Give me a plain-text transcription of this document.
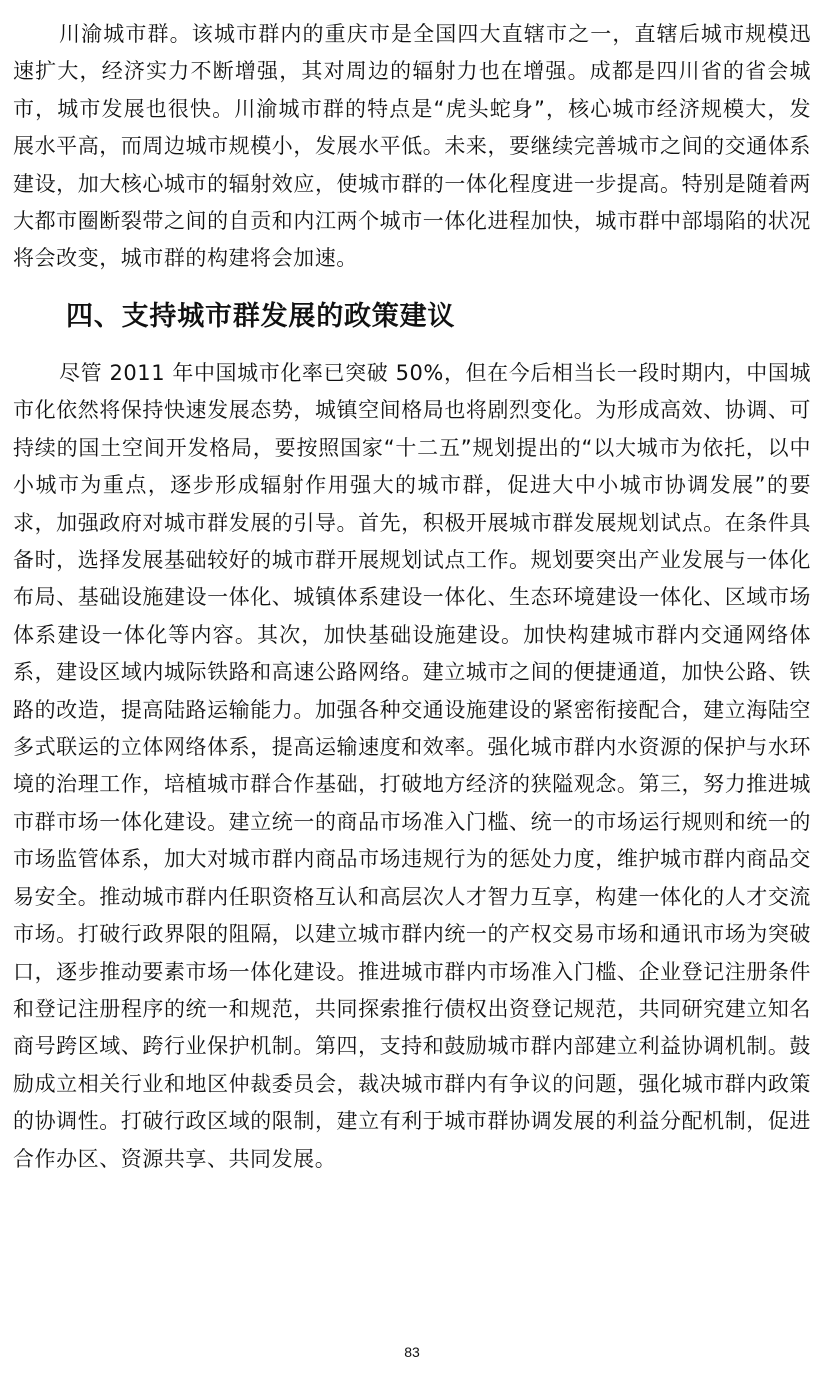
川渝城市群。该城市群内的重庆市是全国四大直辖市之一，直辖后城市规模迅速扩大，经济实力不断增强，其对周边的辐射力也在增强。成都是四川省的省会城市，城市发展也很快。川渝城市群的特点是“虎头蛇身”，核心城市经济规模大，发展水平高，而周边城市规模小，发展水平低。未来，要继续完善城市之间的交通体系建设，加大核心城市的辐射效应，使城市群的一体化程度进一步提高。特别是随着两大都市圈断裂带之间的自贡和内江两个城市一体化进程加快，城市群中部塌陷的状况将会改变，城市群的构建将会加速。

四、支持城市群发展的政策建议

尽管 2011 年中国城市化率已突破 50%，但在今后相当长一段时期内，中国城市化依然将保持快速发展态势，城镇空间格局也将剧烈变化。为形成高效、协调、可持续的国土空间开发格局，要按照国家“十二五”规划提出的“以大城市为依托，以中小城市为重点，逐步形成辐射作用强大的城市群，促进大中小城市协调发展”的要求，加强政府对城市群发展的引导。首先，积极开展城市群发展规划试点。在条件具备时，选择发展基础较好的城市群开展规划试点工作。规划要突出产业发展与一体化布局、基础设施建设一体化、城镇体系建设一体化、生态环境建设一体化、区域市场体系建设一体化等内容。其次，加快基础设施建设。加快构建城市群内交通网络体系，建设区域内城际铁路和高速公路网络。建立城市之间的便捷通道，加快公路、铁路的改造，提高陆路运输能力。加强各种交通设施建设的紧密衔接配合，建立海陆空多式联运的立体网络体系，提高运输速度和效率。强化城市群内水资源的保护与水环境的治理工作，培植城市群合作基础，打破地方经济的狭隘观念。第三，努力推进城市群市场一体化建设。建立统一的商品市场准入门槛、统一的市场运行规则和统一的市场监管体系，加大对城市群内商品市场违规行为的惩处力度，维护城市群内商品交易安全。推动城市群内任职资格互认和高层次人才智力互享，构建一体化的人才交流市场。打破行政界限的阻隔，以建立城市群内统一的产权交易市场和通讯市场为突破口，逐步推动要素市场一体化建设。推进城市群内市场准入门槛、企业登记注册条件和登记注册程序的统一和规范，共同探索推行债权出资登记规范，共同研究建立知名商号跨区域、跨行业保护机制。第四，支持和鼓励城市群内部建立利益协调机制。鼓励成立相关行业和地区仲裁委员会，裁决城市群内有争议的问题，强化城市群内政策的协调性。打破行政区域的限制，建立有利于城市群协调发展的利益分配机制，促进合作办区、资源共享、共同发展。

83
